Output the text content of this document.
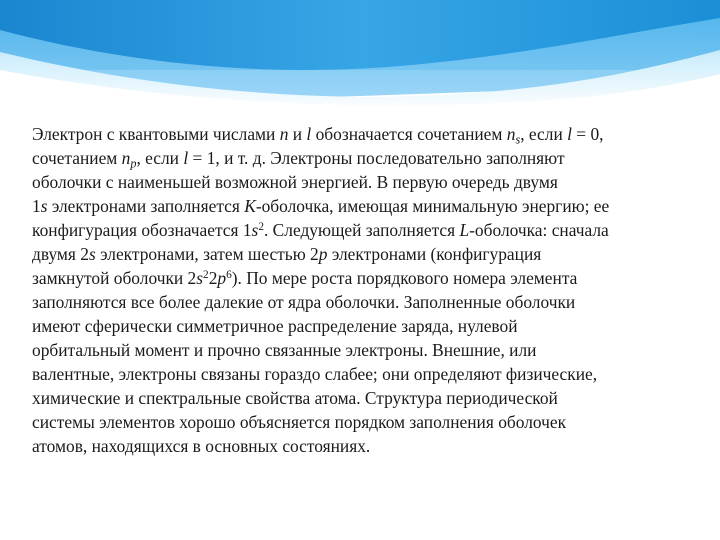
Электрон с квантовыми числами n и l обозначается сочетанием $n_s$, если l = 0,
сочетанием $n_p$, если l = 1, и т. д. Электроны последовательно заполняют
оболочки с наименьшей возможной энергией. В первую очередь двумя
1s электронами заполняется K-оболочка, имеющая минимальную энергию; ее
конфигурация обозначается $1s^2$. Следующей заполняется L-оболочка: сначала
двумя 2s электронами, затем шестью 2p электронами (конфигурация
замкнутой оболочки $2s^22p^6$). По мере роста порядкового номера элемента
заполняются все более далекие от ядра оболочки. Заполненные оболочки
имеют сферически симметричное распределение заряда, нулевой
орбитальный момент и прочно связанные электроны. Внешние, или
валентные, электроны связаны гораздо слабее; они определяют физические,
химические и спектральные свойства атома. Структура периодической
системы элементов хорошо объясняется порядком заполнения оболочек
атомов, находящихся в основных состояниях.
